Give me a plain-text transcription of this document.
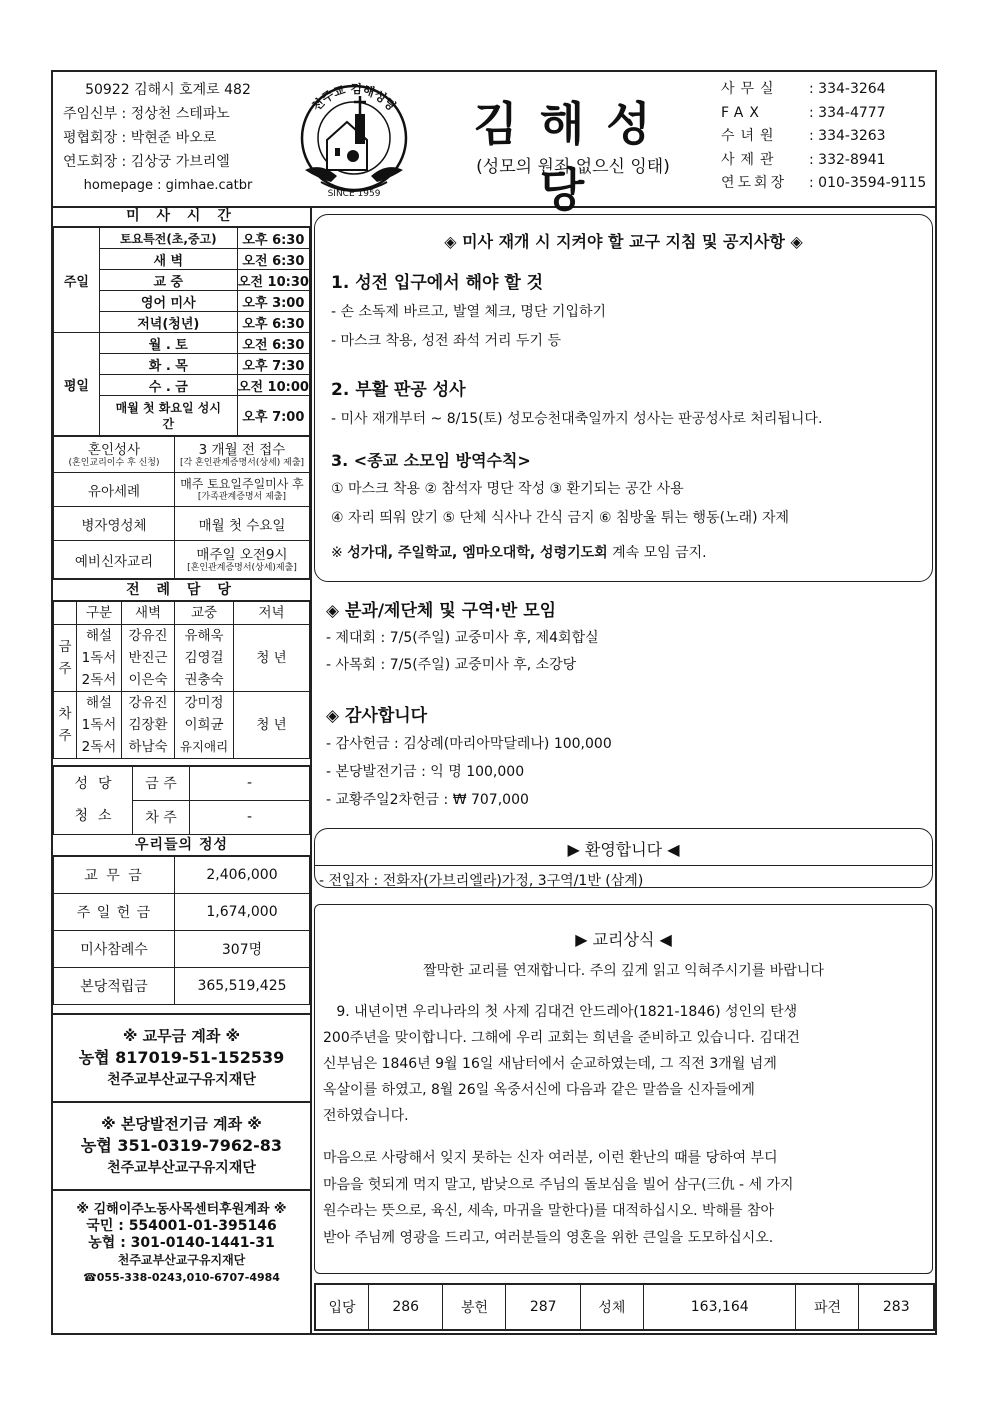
50922 김해시 호계로 482
주임신부 : 정상천 스테파노
평협회장 : 박현준 바오로
연도회장 : 김상궁 가브리엘
homepage : gimhae.catbr
천주교 김해성당
SINCE 1959
김해성당
(성모의 원죄 없으신 잉태)
사무실	: 334-3264
FAX	: 334-4777
수녀원	: 334-3263
사제관	: 332-8941
연도회장	: 010-3594-9115
미 사 시 간
주일	토요특전(초,중고)	오후 6:30
	새 벽	오전 6:30
	교 중	오전 10:30
	영어 미사	오후 3:00
	저녁(청년)	오후 6:30
평일	월 . 토	오전 6:30
	화 . 목	오후 7:30
	수 . 금	오전 10:00
	매월 첫 화요일 성시간	오후 7:00
혼인성사
(혼인교리이수 후 신청)	3 개월 전 접수
[각 혼인관계증명서(상세) 제출]

유아세례	매주 토요일주일미사 후
[가족관계증명서 제출]

병자영성체	매월 첫 수요일
예비신자교리	매주일 오전9시
[혼인관계증명서(상세)제출]
전 례 담 당
	구분	새벽	교중	저녁
금주	해설	강유진	유해욱	청 년
	1독서	반진근	김영걸	
	2독서	이은숙	권충숙	
차주	해설	강유진	강미정	청 년
	1독서	김장환	이희균	
	2독서	하남숙	유지애리	
성당 청소	금 주	-
	차 주	-
우리들의 정성
교 무 금	2,406,000
주 일 헌 금	1,674,000
미사참례수	307명
본당적립금	365,519,425
※ 교무금 계좌 ※
농협 817019-51-152539
천주교부산교구유지재단
※ 본당발전기금 계좌 ※
농협 351-0319-7962-83
천주교부산교구유지재단
※ 김해이주노동사목센터후원계좌 ※
국민 : 554001-01-395146
농협 : 301-0140-1441-31
천주교부산교구유지재단
☎055-338-0243,010-6707-4984
◈ 미사 재개 시 지켜야 할 교구 지침 및 공지사항 ◈
1. 성전 입구에서 해야 할 것
- 손 소독제 바르고, 발열 체크, 명단 기입하기
- 마스크 착용, 성전 좌석 거리 두기 등
2. 부활 판공 성사
- 미사 재개부터 ~ 8/15(토) 성모승천대축일까지 성사는 판공성사로 처리됩니다.
3. <종교 소모임 방역수칙>
① 마스크 착용 ② 참석자 명단 작성 ③ 환기되는 공간 사용
④ 자리 띄워 앉기 ⑤ 단체 식사나 간식 금지 ⑥ 침방울 튀는 행동(노래) 자제
※ 성가대, 주일학교, 엠마오대학, 성령기도회 계속 모임 금지.
◈ 분과/제단체 및 구역·반 모임
- 제대회 : 7/5(주일) 교중미사 후, 제4회합실
- 사목회 : 7/5(주일) 교중미사 후, 소강당
◈ 감사합니다
- 감사헌금 : 김상례(마리아막달레나) 100,000
- 본당발전기금 : 익 명 100,000
- 교황주일2차헌금 : ₩ 707,000
▶ 환영합니다 ◀
- 전입자 : 전화자(가브리엘라)가정, 3구역/1반 (삼계)
▶ 교리상식 ◀
짤막한 교리를 연재합니다. 주의 깊게 읽고 익혀주시기를 바랍니다
9. 내년이면 우리나라의 첫 사제 김대건 안드레아(1821-1846) 성인의 탄생
200주년을 맞이합니다. 그해에 우리 교회는 희년을 준비하고 있습니다. 김대건
신부님은 1846년 9월 16일 새남터에서 순교하였는데, 그 직전 3개월 넘게
옥살이를 하였고, 8월 26일 옥중서신에 다음과 같은 말씀을 신자들에게
전하였습니다.
마음으로 사랑해서 잊지 못하는 신자 여러분, 이런 환난의 때를 당하여 부디
마음을 헛되게 먹지 말고, 밤낮으로 주님의 돌보심을 빌어 삼구(三仇 - 세 가지
원수라는 뜻으로, 육신, 세속, 마귀을 말한다)를 대적하십시오. 박해를 참아
받아 주님께 영광을 드리고, 여러분들의 영혼을 위한 큰일을 도모하십시오.
입당	286	봉헌	287	성체	163,164	파견	283
